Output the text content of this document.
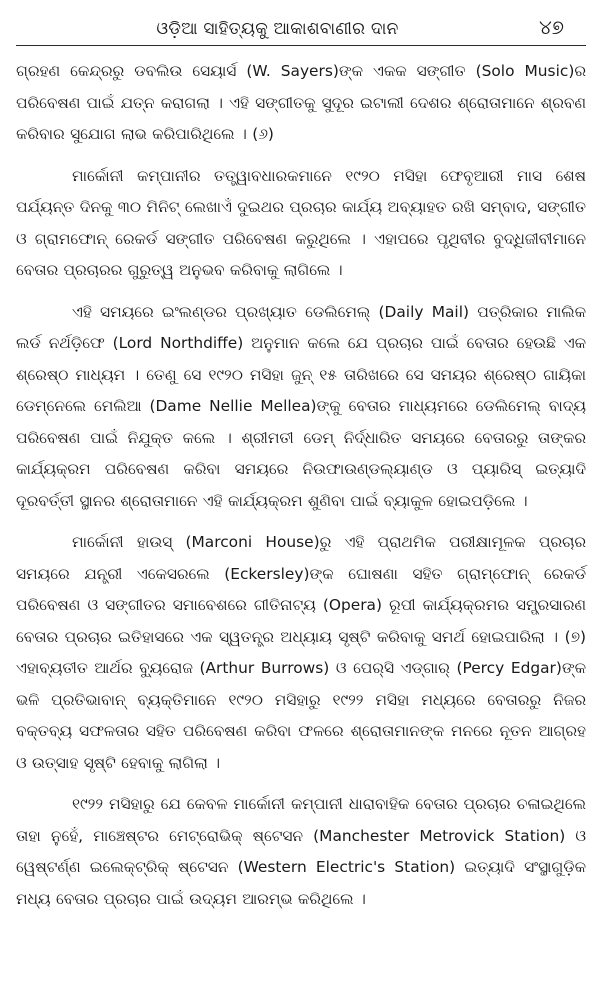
ଓଡ଼ିଆ ସାହିତ୍ୟକୁ ଆକାଶବାଣୀର ଦାନ	୪୭

ଗ୍ରହଣ କେନ୍ଦ୍ରରୁ ଡବଲିଉ ସେୟାର୍ସ (W. Sayers)ଙ୍କ ଏକକ ସଙ୍ଗୀତ (Solo Music)ର ପରିବେଷଣ ପାଇଁ ଯତ୍ନ କରାଗଲା । ଏହି ସଙ୍ଗୀତକୁ ସୁଦୂର ଇଟାଲୀ ଦେଶର ଶ୍ରୋତାମାନେ ଶ୍ରବଣ କରିବାର ସୁଯୋଗ ଲାଭ କରିପାରିଥିଲେ । (୬)

ମାର୍କୋନୀ କମ୍ପାନୀର ତତ୍ତ୍ୱାବଧାରକମାନେ ୧୯୨୦ ମସିହା ଫେବୃଆରୀ ମାସ ଶେଷ ପର୍ଯ୍ୟନ୍ତ ଦିନକୁ ୩୦ ମିନିଟ୍ ଲେଖାଏଁ ଦୁଇଥର ପ୍ରଚାର କାର୍ଯ୍ୟ ଅବ୍ୟାହତ ରଖି ସମ୍ବାଦ, ସଙ୍ଗୀତ ଓ ଗ୍ରାମଫୋନ୍ ରେକର୍ଡ ସଙ୍ଗୀତ ପରିବେଷଣ କରୁଥିଲେ । ଏହାପରେ ପୃଥିବୀର ବୁଦ୍ଧିଜୀବୀମାନେ ବେତାର ପ୍ରଚାରର ଗୁରୁତ୍ୱ ଅନୁଭବ କରିବାକୁ ଲାଗିଲେ ।

ଏହି ସମୟରେ ଇଂଲଣ୍ଡର ପ୍ରଖ୍ୟାତ ଡେଲିମେଲ୍ (Daily Mail) ପତ୍ରିକାର ମାଲିକ ଲର୍ଡ ନର୍ଥଡ଼ିଫେ (Lord Northdiffe) ଅନୁମାନ କଲେ ଯେ ପ୍ରଚାର ପାଇଁ ବେତାର ହେଉଛି ଏକ ଶ୍ରେଷ୍ଠ ମାଧ୍ୟମ । ତେଣୁ ସେ ୧୯୨୦ ମସିହା ଜୁନ୍ ୧୫ ତାରିଖରେ ସେ ସମୟର ଶ୍ରେଷ୍ଠ ଗାୟିକା ଡେମ୍‌ନେଲେ ମେଲିଆ (Dame Nellie Mellea)ଙ୍କୁ ବେତାର ମାଧ୍ୟମରେ ଡେଲିମେଲ୍ ବାଦ୍ୟ ପରିବେଷଣ ପାଇଁ ନିଯୁକ୍ତ କଲେ । ଶ୍ରୀମତୀ ଡେମ୍ ନିର୍ଦ୍ଧାରିତ ସମୟରେ ବେତାରରୁ ତାଙ୍କର କାର୍ଯ୍ୟକ୍ରମ ପରିବେଷଣ କରିବା ସମୟରେ ନିଉଫାଉଣ୍ଡଲ୍ୟାଣ୍ଡ ଓ ପ୍ୟାରିସ୍ ଇତ୍ୟାଦି ଦୂରବର୍ତ୍ତୀ ସ୍ଥାନର ଶ୍ରୋତାମାନେ ଏହି କାର୍ଯ୍ୟକ୍ରମ ଶୁଣିବା ପାଇଁ ବ୍ୟାକୁଳ ହୋଇପଡ଼ିଲେ ।

ମାର୍କୋନୀ ହାଉସ୍ (Marconi House)ରୁ ଏହି ପ୍ରାଥମିକ ପରୀକ୍ଷାମୂଳକ ପ୍ରଚାର ସମୟରେ ଯନ୍ତ୍ରୀ ଏକେସରଲେ (Eckersley)ଙ୍କ ଘୋଷଣା ସହିତ ଗ୍ରାମ୍‌ଫୋନ୍ ରେକର୍ଡ ପରିବେଷଣ ଓ ସଙ୍ଗୀତର ସମାବେଶରେ ଗୀତିନାଟ୍ୟ (Opera) ରୂପୀ କାର୍ଯ୍ୟକ୍ରମର ସମ୍ପ୍ରସାରଣ ବେତାର ପ୍ରଚାର ଇତିହାସରେ ଏକ ସ୍ୱତନ୍ତ୍ର ଅଧ୍ୟାୟ ସୃଷ୍ଟି କରିବାକୁ ସମର୍ଥ ହୋଇପାରିଲା । (୭) ଏହାବ୍ୟତୀତ ଆର୍ଥର ବ୍ୟୁରୋଜ (Arthur Burrows) ଓ ପେର୍‌ସି ଏଡ୍‌ଗାର୍ (Percy Edgar)ଙ୍କ ଭଳି ପ୍ରତିଭାବାନ୍ ବ୍ୟକ୍ତିମାନେ ୧୯୨୦ ମସିହାରୁ ୧୯୨୨ ମସିହା ମଧ୍ୟରେ ବେତାରରୁ ନିଜର ବକ୍ତବ୍ୟ ସଫଳତାର ସହିତ ପରିବେଷଣ କରିବା ଫଳରେ ଶ୍ରୋତାମାନଙ୍କ ମନରେ ନୂତନ ଆଗ୍ରହ ଓ ଉତ୍ସାହ ସୃଷ୍ଟି ହେବାକୁ ଲାଗିଲା ।

୧୯୨୨ ମସିହାରୁ ଯେ କେବଳ ମାର୍କୋନୀ କମ୍ପାନୀ ଧାରାବାହିକ ବେତାର ପ୍ରଚାର ଚଳାଇଥିଲେ ତାହା ନୁହେଁ, ମାଞ୍ଚେଷ୍ଟର ମେଟ୍ରୋଭିକ୍ ଷ୍ଟେସନ (Manchester Metrovick Station) ଓ ୱେଷ୍ଟର୍ଣ୍ଣ ଇଲେକ୍‌ଟ୍ରିକ୍ ଷ୍ଟେସନ (Western Electric's Station) ଇତ୍ୟାଦି ସଂସ୍ଥାଗୁଡ଼ିକ ମଧ୍ୟ ବେତାର ପ୍ରଚାର ପାଇଁ ଉଦ୍ୟମ ଆରମ୍ଭ କରିଥିଲେ ।
